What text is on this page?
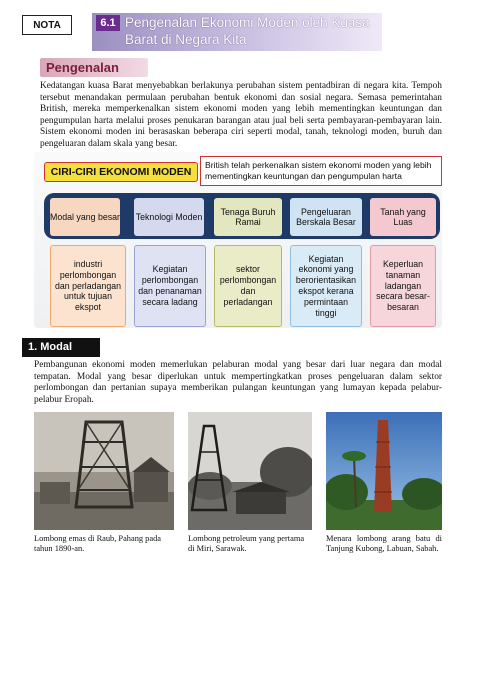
NOTA	6.1 Pengenalan Ekonomi Moden oleh Kuasa Barat di Negara Kita
Pengenalan
Kedatangan kuasa Barat menyebabkan berlakunya perubahan sistem pentadbiran di negara kita. Tempoh tersebut menandakan permulaan perubahan bentuk ekonomi dan sosial negara. Semasa pemerintahan British, mereka memperkenalkan sistem ekonomi moden yang lebih mementingkan keuntungan dan pengumpulan harta melalui proses penukaran barangan atau jual beli serta pembayaran-pembayaran lain. Sistem ekonomi moden ini berasaskan beberapa ciri seperti modal, tanah, teknologi moden, buruh dan pengeluaran dalam skala yang besar.
CIRI-CIRI EKONOMI MODEN
British telah perkenalkan sistem ekonomi moden yang lebih mementingkan keuntungan dan pengumpulan harta
Modal yang besar Teknologi Moden
Tenaga Buruh Ramai
Pengeluaran Berskala Besar
Tanah yang Luas
industri perlombongan dan perladangan untuk tujuan ekspot
Kegiatan perlombongan dan penanaman secara ladang
sektor perlombongan dan perladangan
Kegiatan ekonomi yang berorientasikan ekspot kerana permintaan tinggi
Keperluan tanaman ladangan secara besar-besaran
1. Modal
Pembangunan ekonomi moden memerlukan pelaburan modal yang besar dari luar negara dan modal tempatan. Modal yang besar diperlukan untuk mempertingkatkan proses pengeluaran dalam sektor perlombongan dan pertanian supaya memberikan pulangan keuntungan yang lumayan kepada pelabur-pelabur Eropah.
Lombong emas di Raub, Pahang pada tahun 1890-an.
Lombong petroleum yang pertama di Miri, Sarawak.
Menara lombong arang batu di Tanjung Kubong, Labuan, Sabah.
